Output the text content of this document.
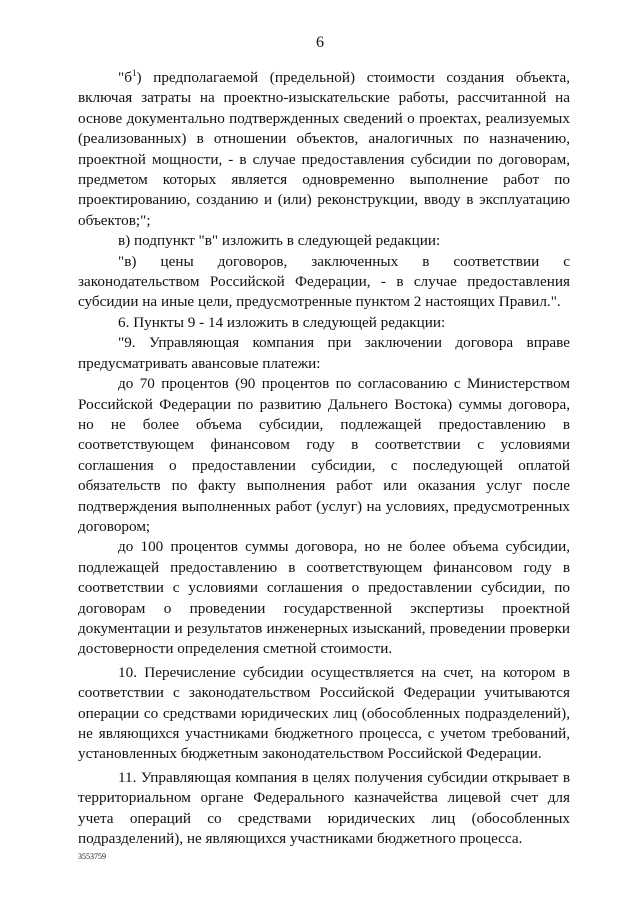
6

"$б^1$) предполагаемой (предельной) стоимости создания объекта, включая затраты на проектно-изыскательские работы, рассчитанной на основе документально подтвержденных сведений о проектах, реализуемых (реализованных) в отношении объектов, аналогичных по назначению, проектной мощности, - в случае предоставления субсидии по договорам, предметом которых является одновременно выполнение работ по проектированию, созданию и (или) реконструкции, вводу в эксплуатацию объектов;";

в) подпункт "в" изложить в следующей редакции:

"в) цены договоров, заключенных в соответствии с законодательством Российской Федерации, - в случае предоставления субсидии на иные цели, предусмотренные пунктом 2 настоящих Правил.".

6. Пункты 9 - 14 изложить в следующей редакции:

"9. Управляющая компания при заключении договора вправе предусматривать авансовые платежи:

до 70 процентов (90 процентов по согласованию с Министерством Российской Федерации по развитию Дальнего Востока) суммы договора, но не более объема субсидии, подлежащей предоставлению в соответствующем финансовом году в соответствии с условиями соглашения о предоставлении субсидии, с последующей оплатой обязательств по факту выполнения работ или оказания услуг после подтверждения выполненных работ (услуг) на условиях, предусмотренных договором;

до 100 процентов суммы договора, но не более объема субсидии, подлежащей предоставлению в соответствующем финансовом году в соответствии с условиями соглашения о предоставлении субсидии, по договорам о проведении государственной экспертизы проектной документации и результатов инженерных изысканий, проведении проверки достоверности определения сметной стоимости.

10. Перечисление субсидии осуществляется на счет, на котором в соответствии с законодательством Российской Федерации учитываются операции со средствами юридических лиц (обособленных подразделений), не являющихся участниками бюджетного процесса, с учетом требований, установленных бюджетным законодательством Российской Федерации.

11. Управляющая компания в целях получения субсидии открывает в территориальном органе Федерального казначейства лицевой счет для учета операций со средствами юридических лиц (обособленных подразделений), не являющихся участниками бюджетного процесса.

3553759
